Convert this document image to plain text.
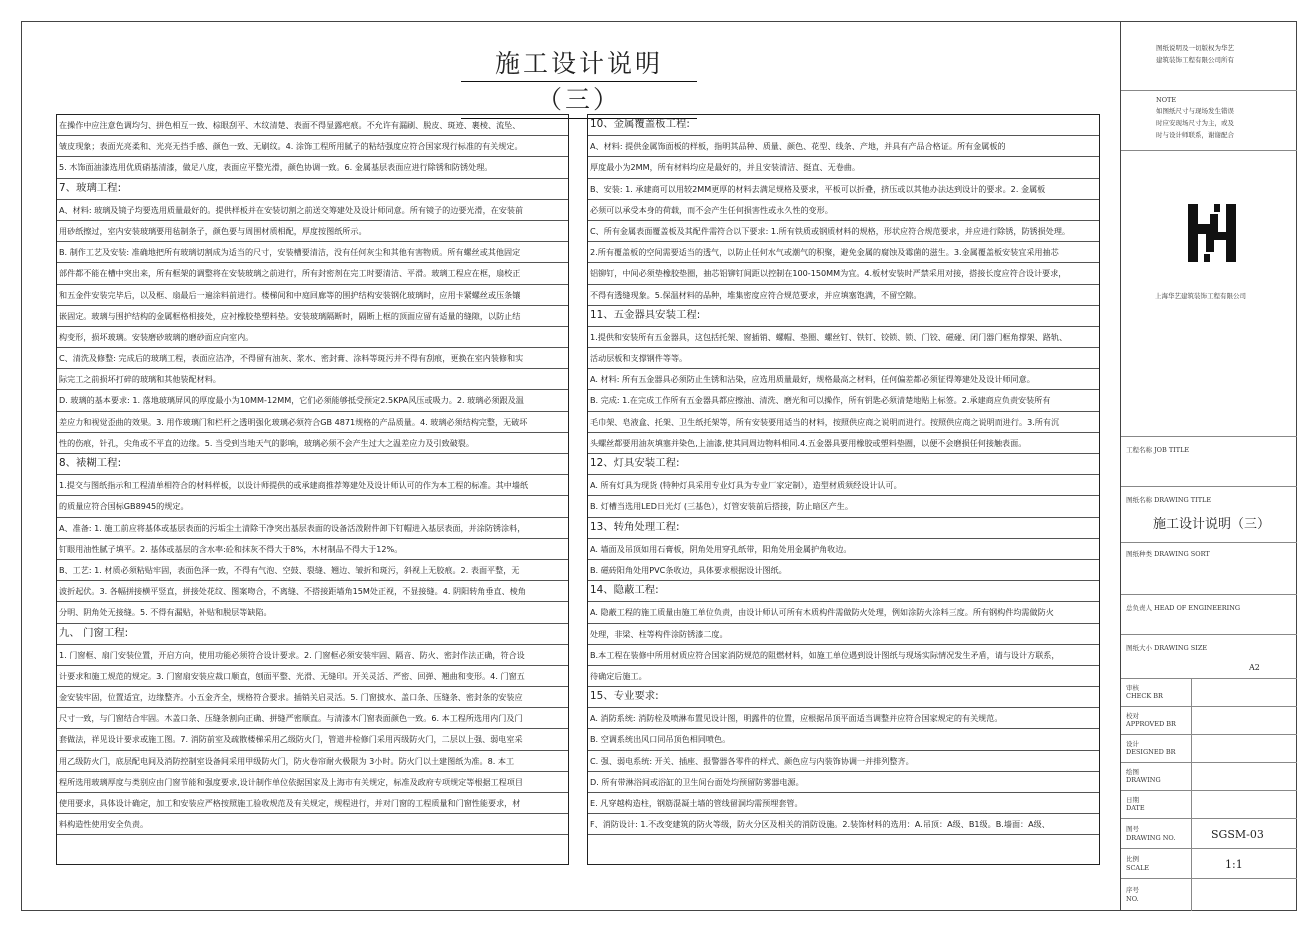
施工设计说明（三）
在操作中应注意色调均匀、拼色相互一致、棕眼刮平、木纹清楚、表面不得显露疤痕。不允许有漏刷、脱皮、斑迹、裹棱、流坠、
皱皮现象；表面光亮柔和、光亮无挡手感、颜色一致、无刷纹。4. 涂饰工程所用腻子的粘结强度应符合国家现行标准的有关规定。
5. 木饰面油漆选用优质硝基清漆，做足八度，表面应平整光滑，颜色协调一致。6. 金属基层表面应进行除锈和防锈处理。
7、玻璃工程:
A、材料: 玻璃及镜子均要选用质量最好的。提供样板并在安装切割之前送交筹建处及设计师同意。所有镜子的边要光滑，在安装前
用砂纸擦过，室内安装玻璃要用毡制条子，颜色要与周围材质相配，厚度按图纸所示。
B. 制作工艺及安装: 准确地把所有玻璃切割成为适当的尺寸，安装槽要清洁，没有任何灰尘和其他有害物质。所有螺丝或其他固定
部件都不能在槽中突出来，所有框架的调整将在安装玻璃之前进行，所有封密剂在完工时要清洁、平滑。玻璃工程应在框，扇校正
和五金件安装完毕后，以及框、扇最后一遍涂料前进行。楼梯间和中庭回廊等的围护结构安装钢化玻璃时，应用卡紧螺丝或压条镶
嵌固定。玻璃与围护结构的金属框格相接处，应衬橡胶垫塑料垫。安装玻璃隔断时，隔断上框的顶面应留有适量的缝隙，以防止结
构变形，损坏玻璃。安装磨砂玻璃的磨砂面应向室内。
C、清洗及修整: 完成后的玻璃工程，表面应洁净，不得留有油灰、浆水、密封膏、涂料等斑污并不得有刮痕，更换在室内装修和实
际完工之前损坏打碎的玻璃和其他装配材料。
D. 玻璃的基本要求: 1. 落地玻璃屏风的厚度最小为10MM-12MM，它们必须能够抵受预定2.5KPA风压或吸力。2. 玻璃必须跟及温
差应力和视觉歪曲的效果。3. 用作玻璃门和栏杆之透明强化玻璃必须符合GB 4871规格的产品质量。4. 玻璃必须结构完整，无破坏
性的伤痕，针孔，尖角或不平直的边缘。5. 当受到当地天气的影响，玻璃必须不会产生过大之温差应力及引致破裂。
8、裱糊工程:
1.提交与图纸指示和工程清单相符合的材料样板，以设计师提供的或承建商推荐筹建处及设计师认可的作为本工程的标准。其中墙纸
的质量应符合国标GB8945的规定。
A、准备: 1. 施工前应将基体或基层表面的污垢尘土清除干净突出基层表面的设备活泼附件卸下钉帽进入基层表面，并涂防锈涂料，
钉眼用油性腻子填平。2. 基体或基层的含水率:砼和抹灰不得大于8%，木材制品不得大于12%。
B、工艺: 1. 材质必须粘贴牢固，表面色泽一致，不得有气泡、空鼓、裂缝、翘边、皱折和斑污，斜视上无胶痕。2. 表面平整，无
波折起伏。3. 各幅拼接横平竖直，拼接处花纹、图案吻合，不离缝、不搭接距墙角15M处正视，不显接缝。4. 阴阳转角垂直、棱角
分明、阴角处无接缝。5. 不得有漏贴，补贴和脱层等缺陷。
九、 门窗工程:
1. 门窗框、扇门安装位置，开启方向，使用功能必须符合设计要求。2. 门窗框必须安装牢固、隔音、防火、密封作法正确，符合设
计要求和施工规范的规定。3. 门窗扇安装应裁口顺直，刨面平整、光滑、无缝印。开关灵活、严密、回弹、翘曲和变形。4. 门窗五
金安装牢固，位置适宜，边缘整齐。小五金齐全，规格符合要求。插销关启灵活。5. 门窗披水、盖口条、压缝条、密封条的安装应
尺寸一致，与门窗结合牢固。木盖口条、压缝条割向正确、拼缝严密顺直。与清漆木门窗表面颜色一致。6. 本工程所选用内门及门
套做法，祥见设计要求或施工图。7. 消防前室及疏散楼梯采用乙级防火门，管道井检修门采用丙级防火门，二层以上强、弱电室采
用乙级防火门，底层配电间及消防控制室设备间采用甲级防火门，防火卷帘耐火极限为 3小时。防火门以土建图纸为准。8. 本工
程所选用玻璃厚度与类别应由门窗节能和强度要求,设计制作单位依据国家及上海市有关规定，标准及政府专项规定等根据工程项目
使用要求，具体设计确定，加工和安装应严格按照施工验收规范及有关规定，规程进行，并对门窗的工程质量和门窗性能要求，材
料构造性使用安全负责。
10、金属覆盖板工程:
A、材料: 提供金属饰面板的样板，指明其品种、质量、颜色、花型、线条、产地，并具有产品合格证。所有金属板的
厚度最小为2MM，所有材料均应是最好的，并且安装清洁、挺直、无卷曲。
B、安装: 1. 承建商可以用较2MM更厚的材料去满足规格及要求，平板可以折叠，挤压或以其他办法达到设计的要求。2. 金属板
必须可以承受本身的荷载，而不会产生任何损害性或永久性的变形。
C、所有金属表面覆盖板及其配件需符合以下要求: 1.所有铁质或钢质材料的规格，形状应符合规范要求，并应进行除锈，防锈损处理。
2.所有覆盖板的空间需要适当的透气，以防止任何水气或潮气的积聚，避免金属的腐蚀及霉菌的滋生。3.金属覆盖板安装宜采用抽芯
铝铆钉，中间必须垫橡胶垫圈，抽芯铝铆钉间距以控制在100-150MM为宜。4.板材安装时严禁采用对接，搭接长度应符合设计要求，
不得有透缝现象。5.保温材料的品种，堆集密度应符合规范要求，并应填塞饱满，不留空隙。
11、五金器具安装工程:
1.提供和安装所有五金器具，这包括托架、窗插销、螺帽、垫圈、螺丝钉、铁钉、铰锁、锁、门铰、磁碰、闭门器门框角撑架、路轨、
活动层板和支撑钢件等等。
A. 材料: 所有五金器具必须防止生锈和沾染，应选用质量最好，规格最高之材料，任何偏差都必须征得筹建处及设计师同意。
B. 完成: 1.在完成工作所有五金器具都应擦油、清洗、磨光和可以操作，所有钥匙必须清楚地贴上标签。2.承建商应负责安装所有
毛巾架、皂液盒、托架、卫生纸托架等，所有安装要用适当的材料，按照供应商之说明而进行。按照供应商之说明而进行。3.所有沉
头螺丝都要用油灰填塞并染色,上油漆,使其同周边物料相同.4.五金器具要用橡胶或塑料垫圈，以便不会磨损任何接触表面。
12、灯具安装工程:
A. 所有灯具为现货 (特种灯具采用专业灯具为专业厂家定制），造型材质须经设计认可。
B. 灯槽当选用LED日光灯 (三基色），灯管安装前后搭接，防止暗区产生。
13、转角处理工程:
A. 墙面及吊顶如用石膏板，阴角处用穿孔纸带，阳角处用金属护角收边。
B. 磁砖阳角处用PVC条收边，具体要求根据设计图纸。
14、隐蔽工程:
A. 隐蔽工程的施工质量由施工单位负责，由设计师认可所有木质构件需做防火处理，例如涂防火涂料三度。所有钢构件均需做防火
处理，非梁、柱等构件涂防锈漆二度。
B.本工程在装修中所用材质应符合国家消防规范的阻燃材料，如施工单位遇到设计图纸与现场实际情况发生矛盾，请与设计方联系，
待确定后施工。
15、专业要求:
A. 消防系统: 消防栓及喷淋布置见设计图，明露件的位置，应根据吊顶平面适当调整并应符合国家规定的有关规范。
B. 空调系统出风口同吊顶色相同喷色。
C. 强、弱电系统: 开关、插座、报警器各零件的样式、颜色应与内装饰协调一并排列整齐。
D. 所有带淋浴间或浴缸的卫生间台面处均预留防雾器电源。
E. 凡穿越构造柱，钢筋混凝土墙的管线留洞均需预埋套管。
F、消防设计: 1.不改变建筑的防火等级，防火分区及相关的消防设施。2.装饰材料的选用：A.吊顶：A级、B1级。B.墙面：A级、
图纸说明及一切版权为华艺
建筑装饰工程有限公司所有
NOTE
如图纸尺寸与现场发生错误
时应安现场尺寸为主，或及
时与设计师联系，谢谢配合
上海华艺建筑装饰工程有限公司
工程名称 JOB TITLE
图纸名称 DRAWING TITLE
施工设计说明（三）
图纸种类 DRAWING SORT
总负责人 HEAD OF ENGINEERING
图纸大小 DRAWING SIZE
A2
审核
CHECK BR
校对
APPROVED BR
设计
DESIGNED BR
绘图
DRAWING
日期
DATE
图号
DRAWING NO.	SGSM-03
比例
SCALE	1:1
序号
NO.
